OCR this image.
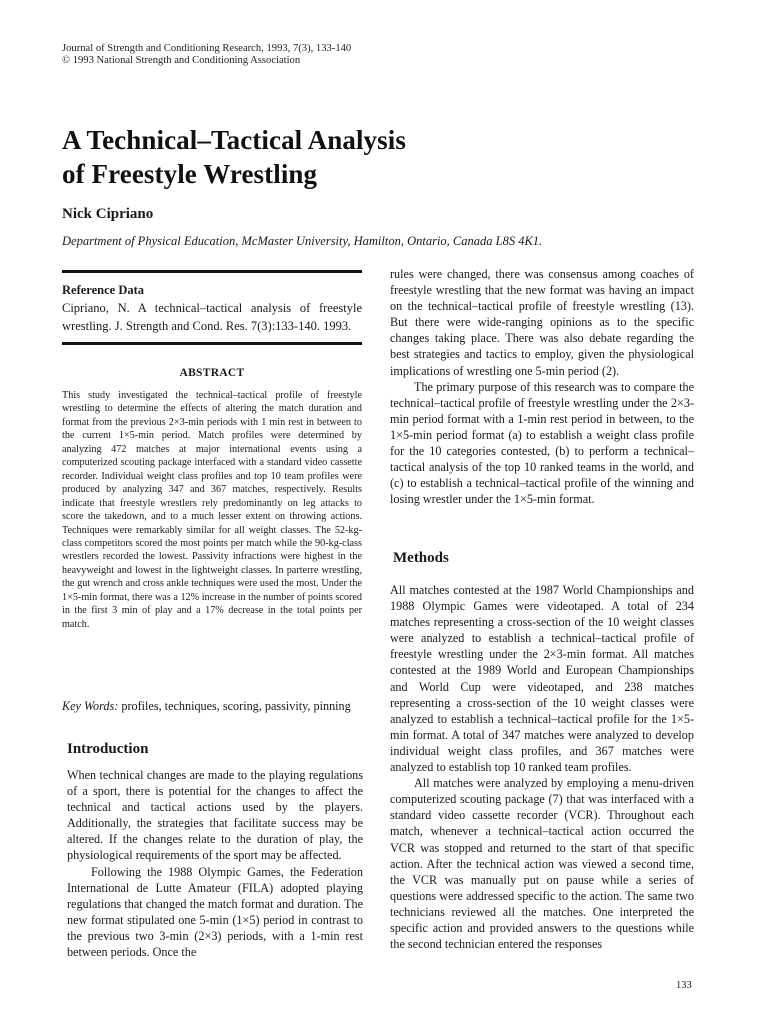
Journal of Strength and Conditioning Research, 1993, 7(3), 133-140
© 1993 National Strength and Conditioning Association
A Technical–Tactical Analysis
of Freestyle Wrestling
Nick Cipriano
Department of Physical Education, McMaster University, Hamilton, Ontario, Canada L8S 4K1.
Reference Data
Cipriano, N. A technical–tactical analysis of freestyle wrestling. J. Strength and Cond. Res. 7(3):133-140. 1993.
ABSTRACT
This study investigated the technical–tactical profile of freestyle wrestling to determine the effects of altering the match duration and format from the previous 2×3-min periods with 1 min rest in between to the current 1×5-min period. Match profiles were determined by analyzing 472 matches at major international events using a computerized scouting package interfaced with a standard video cassette recorder. Individual weight class profiles and top 10 team profiles were produced by analyzing 347 and 367 matches, respectively. Results indicate that freestyle wrestlers rely predominantly on leg attacks to score the takedown, and to a much lesser extent on throwing actions. Techniques were remarkably similar for all weight classes. The 52-kg-class competitors scored the most points per match while the 90-kg-class wrestlers recorded the lowest. Passivity infractions were highest in the heavyweight and lowest in the lightweight classes. In parterre wrestling, the gut wrench and cross ankle techniques were used the most. Under the 1×5-min format, there was a 12% increase in the number of points scored in the first 3 min of play and a 17% decrease in the total points per match.
Key Words: profiles, techniques, scoring, passivity, pinning
Introduction

When technical changes are made to the playing regulations of a sport, there is potential for the changes to affect the technical and tactical actions used by the players. Additionally, the strategies that facilitate success may be altered. If the changes relate to the duration of play, the physiological requirements of the sport may be affected.

Following the 1988 Olympic Games, the Federation International de Lutte Amateur (FILA) adopted playing regulations that changed the match format and duration. The new format stipulated one 5-min (1×5) period in contrast to the previous two 3-min (2×3) periods, with a 1-min rest between periods. Once the

rules were changed, there was consensus among coaches of freestyle wrestling that the new format was having an impact on the technical–tactical profile of freestyle wrestling (13). But there were wide-ranging opinions as to the specific changes taking place. There was also debate regarding the best strategies and tactics to employ, given the physiological implications of wrestling one 5-min period (2).

The primary purpose of this research was to compare the technical–tactical profile of freestyle wrestling under the 2×3-min period format with a 1-min rest period in between, to the 1×5-min period format (a) to establish a weight class profile for the 10 categories contested, (b) to perform a technical–tactical analysis of the top 10 ranked teams in the world, and (c) to establish a technical–tactical profile of the winning and losing wrestler under the 1×5-min format.

Methods

All matches contested at the 1987 World Championships and 1988 Olympic Games were videotaped. A total of 234 matches representing a cross-section of the 10 weight classes were analyzed to establish a technical–tactical profile of freestyle wrestling under the 2×3-min format. All matches contested at the 1989 World and European Championships and World Cup were videotaped, and 238 matches representing a cross-section of the 10 weight classes were analyzed to establish a technical–tactical profile for the 1×5-min format. A total of 347 matches were analyzed to develop individual weight class profiles, and 367 matches were analyzed to establish top 10 ranked team profiles.

All matches were analyzed by employing a menu-driven computerized scouting package (7) that was interfaced with a standard video cassette recorder (VCR). Throughout each match, whenever a technical–tactical action occurred the VCR was stopped and returned to the start of that specific action. After the technical action was viewed a second time, the VCR was manually put on pause while a series of questions were addressed specific to the action. The same two technicians reviewed all the matches. One interpreted the specific action and provided answers to the questions while the second technician entered the responses

133
